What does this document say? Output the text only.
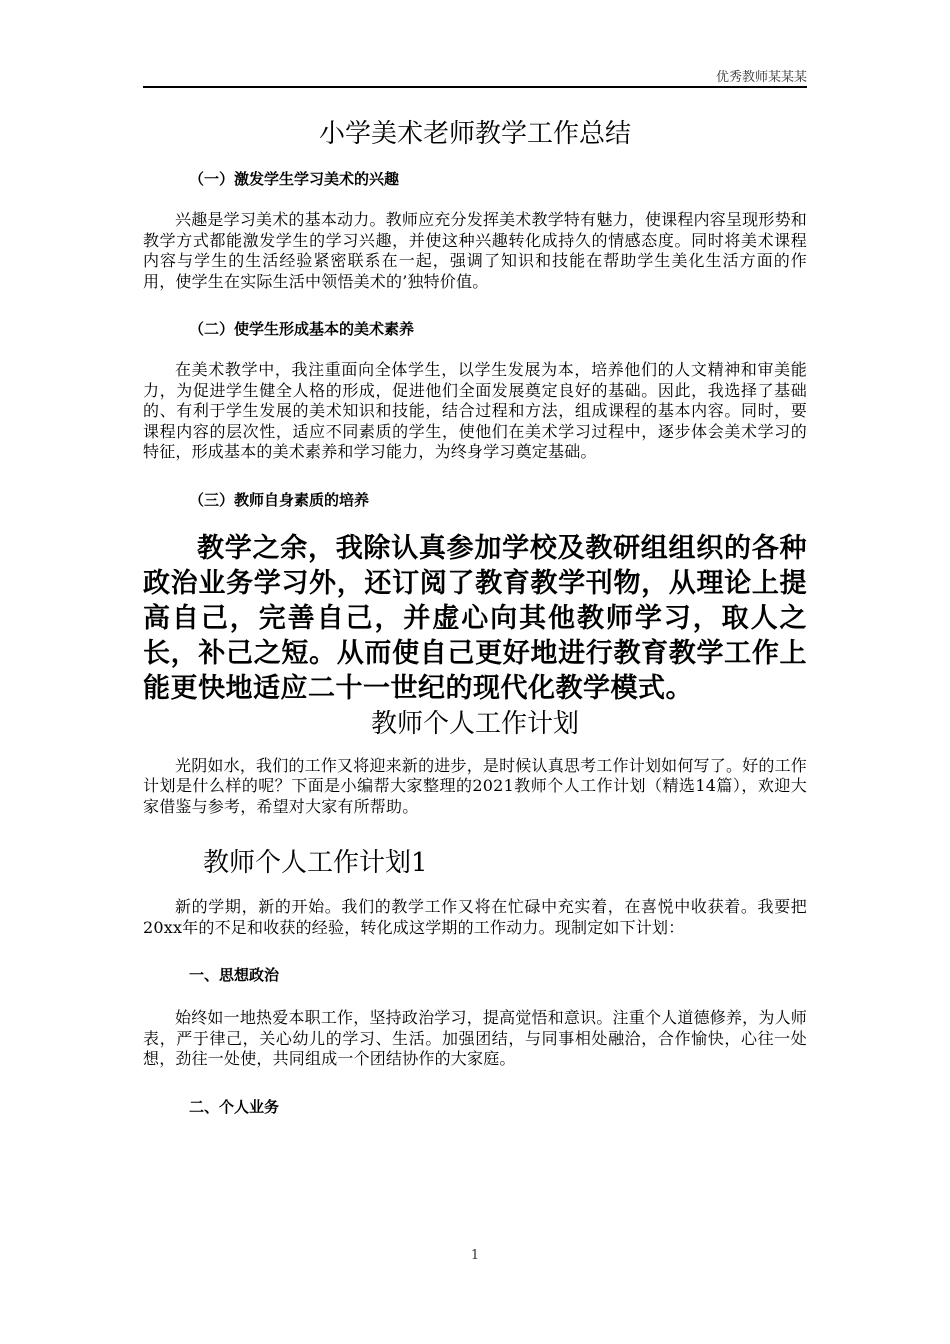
优秀教师某某某
小学美术老师教学工作总结
（一）激发学生学习美术的兴趣

兴趣是学习美术的基本动力。教师应充分发挥美术教学特有魅力，使课程内容呈现形势和教学方式都能激发学生的学习兴趣，并使这种兴趣转化成持久的情感态度。同时将美术课程内容与学生的生活经验紧密联系在一起，强调了知识和技能在帮助学生美化生活方面的作用，使学生在实际生活中领悟美术的’独特价值。

（二）使学生形成基本的美术素养

在美术教学中，我注重面向全体学生，以学生发展为本，培养他们的人文精神和审美能力，为促进学生健全人格的形成，促进他们全面发展奠定良好的基础。因此，我选择了基础的、有利于学生发展的美术知识和技能，结合过程和方法，组成课程的基本内容。同时，要课程内容的层次性，适应不同素质的学生，使他们在美术学习过程中，逐步体会美术学习的特征，形成基本的美术素养和学习能力，为终身学习奠定基础。

（三）教师自身素质的培养

教学之余，我除认真参加学校及教研组组织的各种政治业务学习外，还订阅了教育教学刊物，从理论上提高自己，完善自己，并虚心向其他教师学习，取人之长，补己之短。从而使自己更好地进行教育教学工作上能更快地适应二十一世纪的现代化教学模式。

教师个人工作计划

光阴如水，我们的工作又将迎来新的进步，是时候认真思考工作计划如何写了。好的工作计划是什么样的呢？下面是小编帮大家整理的2021教师个人工作计划（精选14篇），欢迎大家借鉴与参考，希望对大家有所帮助。

教师个人工作计划1

新的学期，新的开始。我们的教学工作又将在忙碌中充实着，在喜悦中收获着。我要把20xx年的不足和收获的经验，转化成这学期的工作动力。现制定如下计划：

一、思想政治

始终如一地热爱本职工作，坚持政治学习，提高觉悟和意识。注重个人道德修养，为人师表，严于律己，关心幼儿的学习、生活。加强团结，与同事相处融洽，合作愉快，心往一处想，劲往一处使，共同组成一个团结协作的大家庭。

二、个人业务
1
